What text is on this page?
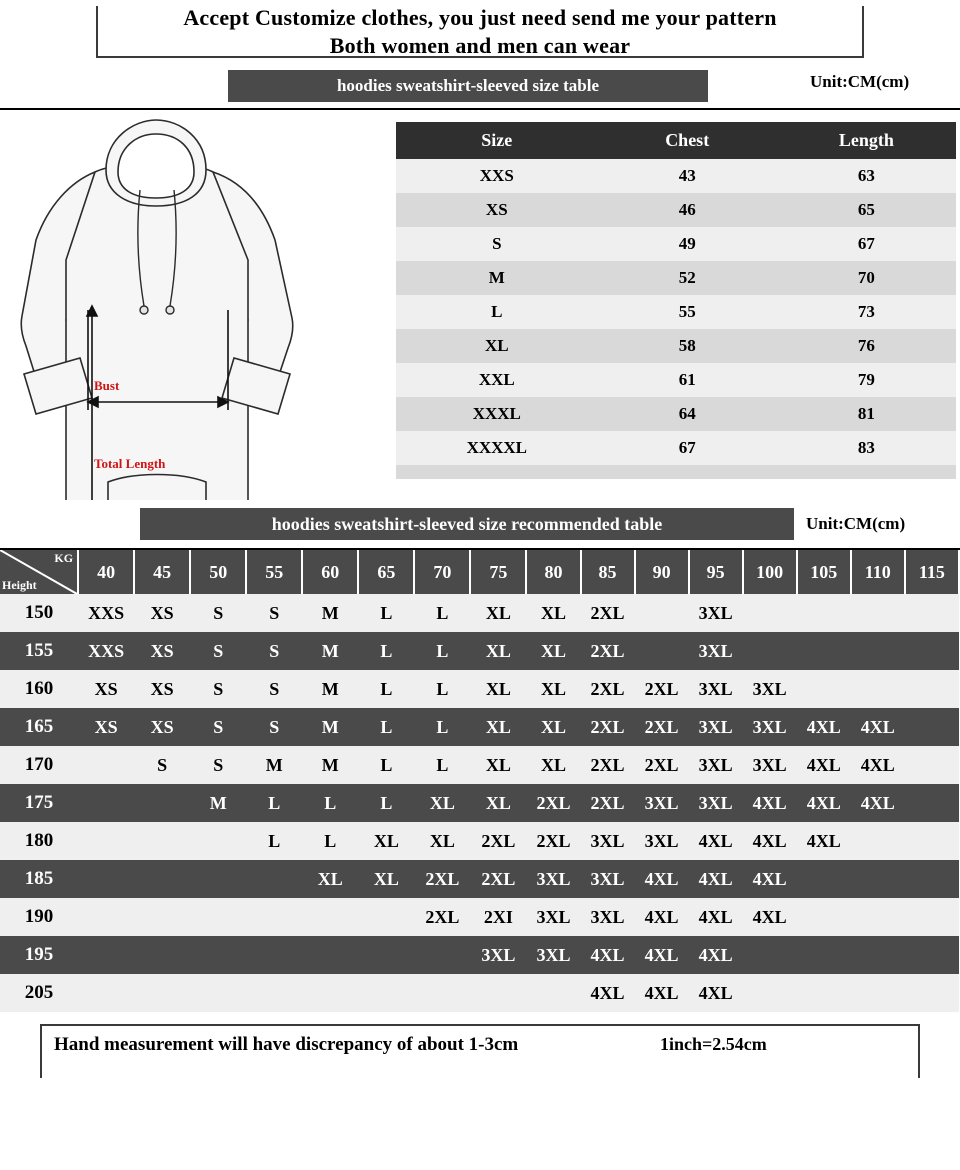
Accept Customize clothes, you just need send me your pattern
Both women and men can wear
hoodies sweatshirt-sleeved size table	Unit:CM(cm)
Bust
Total Length
Size	Chest	Length
XXS	43	63
XS	46	65
S	49	67
M	52	70
L	55	73
XL	58	76
XXL	61	79
XXXL	64	81
XXXXL	67	83

hoodies sweatshirt-sleeved size recommended table	Unit:CM(cm)
KG
Height	40	45	50	55	60	65	70	75	80	85	90	95	100	105	110	115
150	XXS	XS	S	S	M	L	L	XL	XL	2XL		3XL				
155	XXS	XS	S	S	M	L	L	XL	XL	2XL		3XL				
160	XS	XS	S	S	M	L	L	XL	XL	2XL	2XL	3XL	3XL			
165	XS	XS	S	S	M	L	L	XL	XL	2XL	2XL	3XL	3XL	4XL	4XL	
170		S	S	M	M	L	L	XL	XL	2XL	2XL	3XL	3XL	4XL	4XL	
175			M	L	L	L	XL	XL	2XL	2XL	3XL	3XL	4XL	4XL	4XL	
180				L	L	XL	XL	2XL	2XL	3XL	3XL	4XL	4XL	4XL		
185					XL	XL	2XL	2XL	3XL	3XL	4XL	4XL	4XL			
190							2XL	2XI	3XL	3XL	4XL	4XL	4XL			
195								3XL	3XL	4XL	4XL	4XL				
205										4XL	4XL	4XL				
Hand measurement will have discrepancy of about 1-3cm	1inch=2.54cm
